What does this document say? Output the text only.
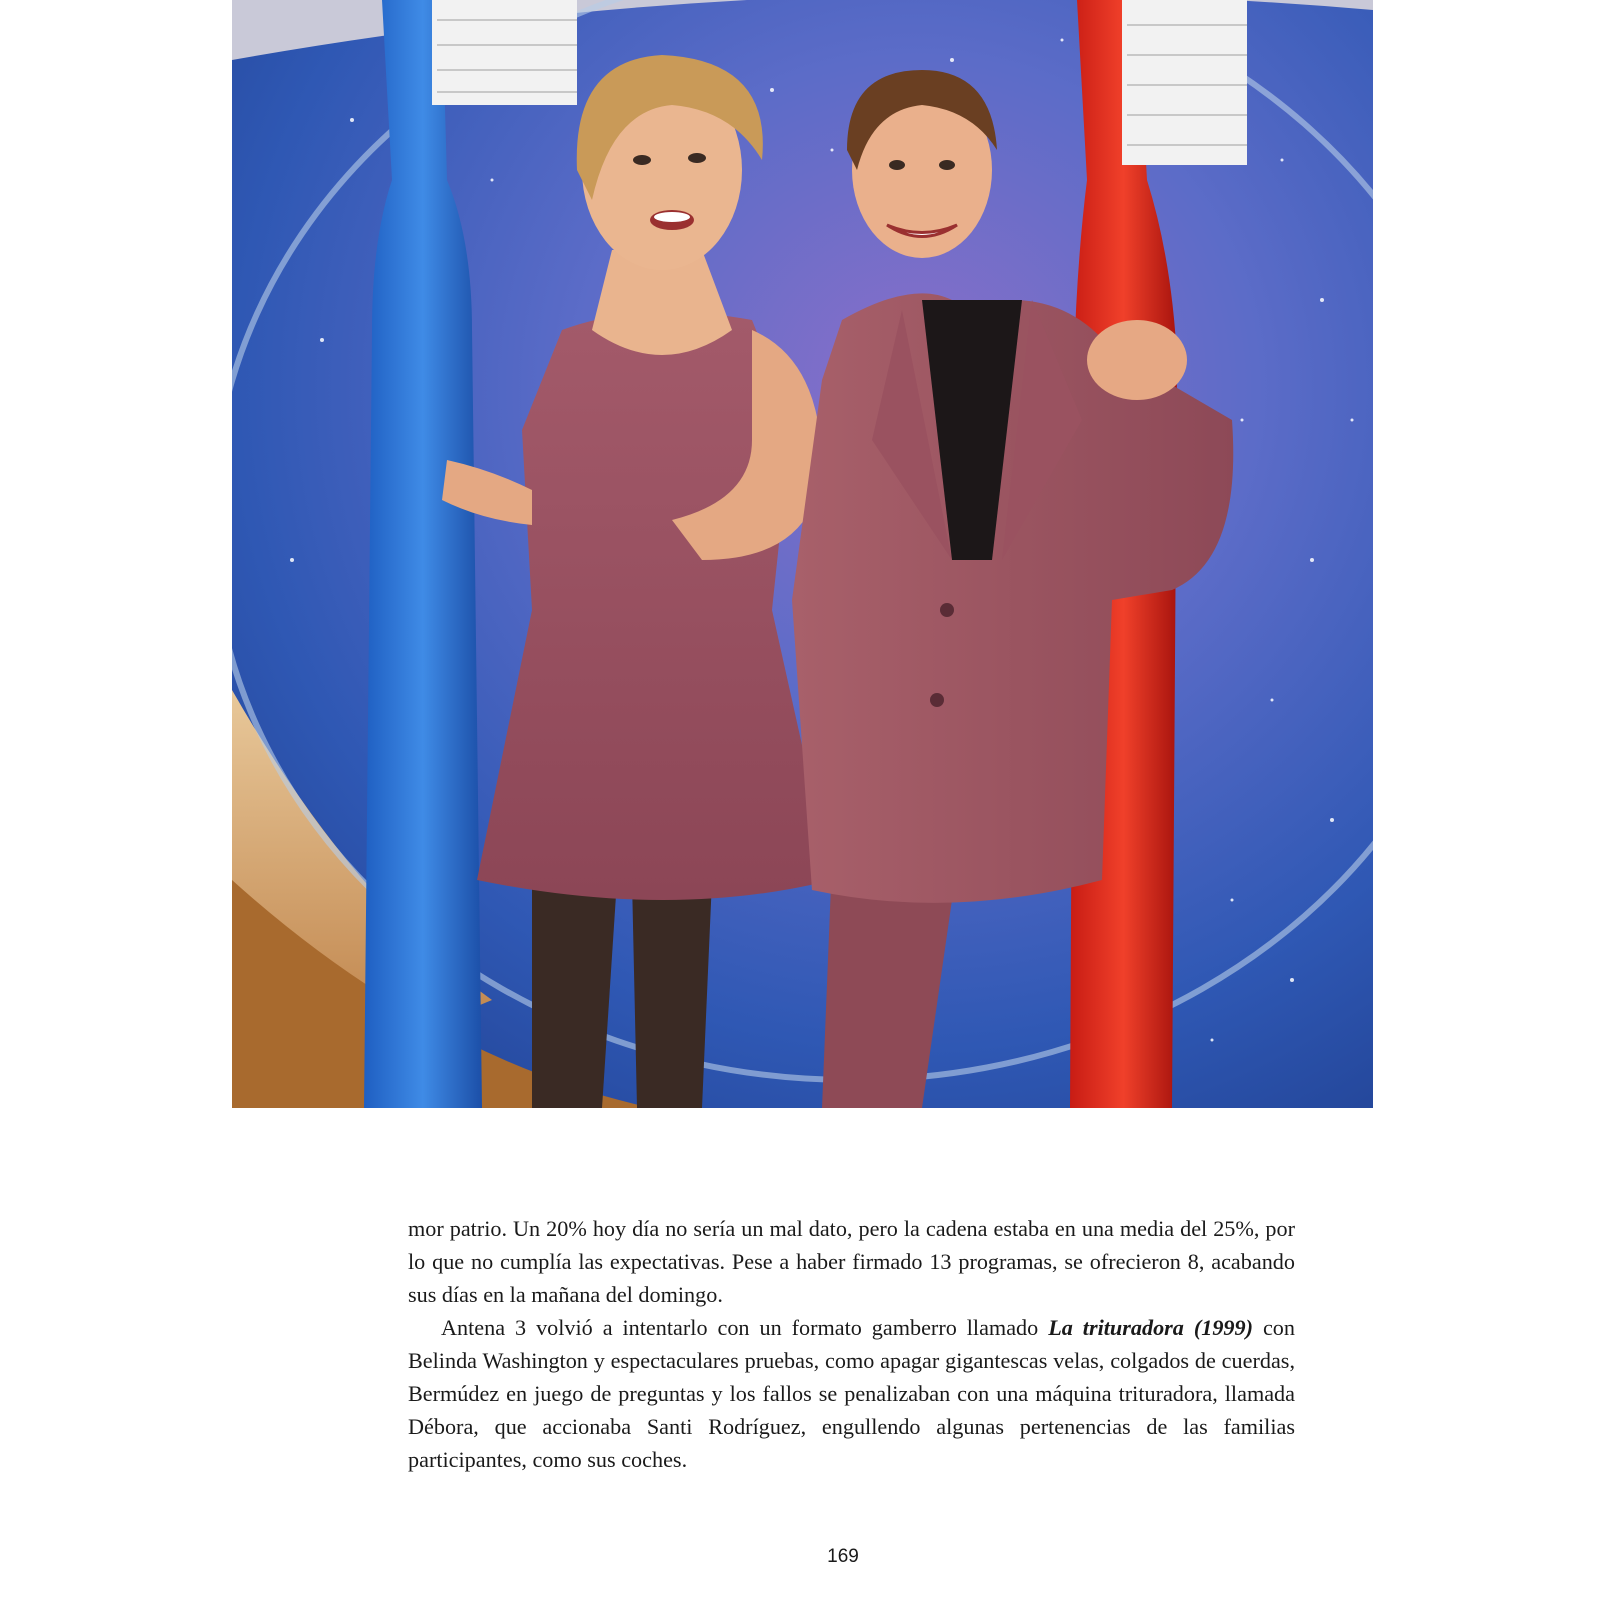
mor patrio. Un 20% hoy día no sería un mal dato, pero la cadena estaba en una media del 25%, por lo que no cumplía las expectativas. Pese a haber firmado 13 programas, se ofrecieron 8, acabando sus días en la mañana del domingo.

Antena 3 volvió a intentarlo con un formato gamberro llamado La trituradora (1999) con Belinda Washington y espectaculares pruebas, como apagar gigantescas velas, colgados de cuerdas, Bermúdez en juego de preguntas y los fallos se penalizaban con una máquina trituradora, llamada Débora, que accionaba Santi Rodríguez, engullendo algunas pertenencias de las familias participantes, como sus coches.

169
